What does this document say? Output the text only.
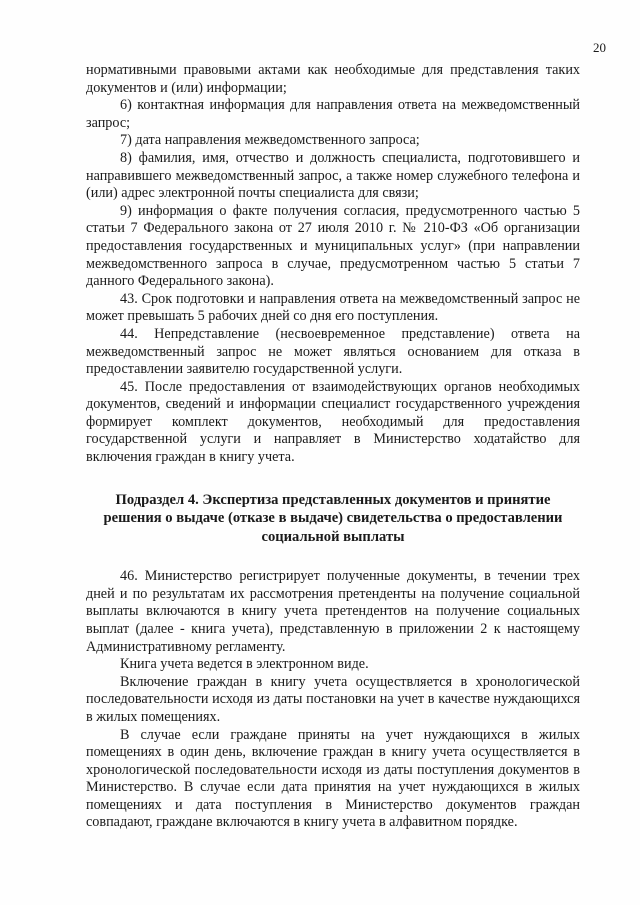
20

нормативными правовыми актами как необходимые для представления таких документов и (или) информации;

6) контактная информация для направления ответа на межведомственный запрос;

7) дата направления межведомственного запроса;

8) фамилия, имя, отчество и должность специалиста, подготовившего и направившего межведомственный запрос, а также номер служебного телефона и (или) адрес электронной почты специалиста для связи;

9) информация о факте получения согласия, предусмотренного частью 5 статьи 7 Федерального закона от 27 июля 2010 г. № 210-ФЗ «Об организации предоставления государственных и муниципальных услуг» (при направлении межведомственного запроса в случае, предусмотренном частью 5 статьи 7 данного Федерального закона).

43. Срок подготовки и направления ответа на межведомственный запрос не может превышать 5 рабочих дней со дня его поступления.

44. Непредставление (несвоевременное представление) ответа на межведомственный запрос не может являться основанием для отказа в предоставлении заявителю государственной услуги.

45. После предоставления от взаимодействующих органов необходимых документов, сведений и информации специалист государственного учреждения формирует комплект документов, необходимый для предоставления государственной услуги и направляет в Министерство ходатайство для включения граждан в книгу учета.

Подраздел 4. Экспертиза представленных документов и принятие решения о выдаче (отказе в выдаче) свидетельства о предоставлении социальной выплаты

46. Министерство регистрирует полученные документы, в течении трех дней и по результатам их рассмотрения претенденты на получение социальной выплаты включаются в книгу учета претендентов на получение социальных выплат (далее - книга учета), представленную в приложении 2 к настоящему Административному регламенту.

Книга учета ведется в электронном виде.

Включение граждан в книгу учета осуществляется в хронологической последовательности исходя из даты постановки на учет в качестве нуждающихся в жилых помещениях.

В случае если граждане приняты на учет нуждающихся в жилых помещениях в один день, включение граждан в книгу учета осуществляется в хронологической последовательности исходя из даты поступления документов в Министерство. В случае если дата принятия на учет нуждающихся в жилых помещениях и дата поступления в Министерство документов граждан совпадают, граждане включаются в книгу учета в алфавитном порядке.
